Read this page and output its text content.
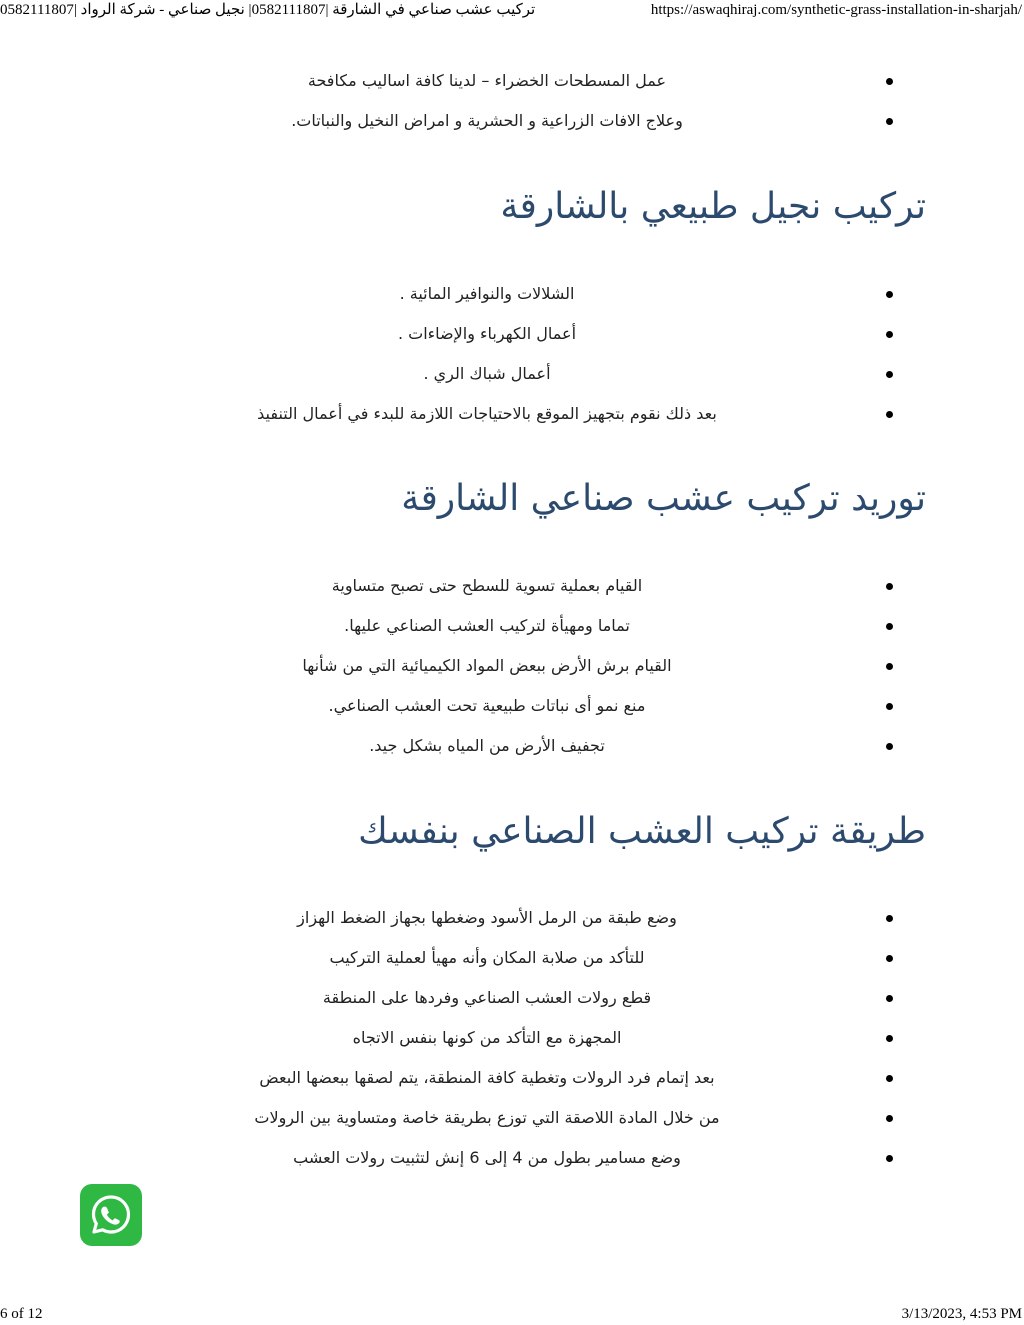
تركيب عشب صناعي في الشارقة |0582111807| نجيل صناعي - شركة الرواد |0582111807	https://aswaqhiraj.com/synthetic-grass-installation-in-sharjah/
عمل المسطحات الخضراء – لدينا كافة اساليب مكافحة
وعلاج الافات الزراعية و الحشرية و امراض النخيل والنباتات.
تركيب نجيل طبيعي بالشارقة
الشلالات والنوافير المائية .
أعمال الكهرباء والإضاءات .
أعمال شباك الري .
بعد ذلك نقوم بتجهيز الموقع بالاحتياجات اللازمة للبدء في أعمال التنفيذ
توريد تركيب عشب صناعي الشارقة
القيام بعملية تسوية للسطح حتى تصبح متساوية
تماما ومهيأة لتركيب العشب الصناعي عليها.
القيام برش الأرض ببعض المواد الكيميائية التي من شأنها
منع نمو أى نباتات طبيعية تحت العشب الصناعي.
تجفيف الأرض من المياه بشكل جيد.
طريقة تركيب العشب الصناعي بنفسك
وضع طبقة من الرمل الأسود وضغطها بجهاز الضغط الهزاز
للتأكد من صلابة المكان وأنه مهيأ لعملية التركيب
قطع رولات العشب الصناعي وفردها على المنطقة
المجهزة مع التأكد من كونها بنفس الاتجاه
بعد إتمام فرد الرولات وتغطية كافة المنطقة، يتم لصقها ببعضها البعض
من خلال المادة اللاصقة التي توزع بطريقة خاصة ومتساوية بين الرولات
وضع مسامير بطول من 4 إلى 6 إنش لتثبيت رولات العشب
6 of 12	3/13/2023, 4:53 PM
